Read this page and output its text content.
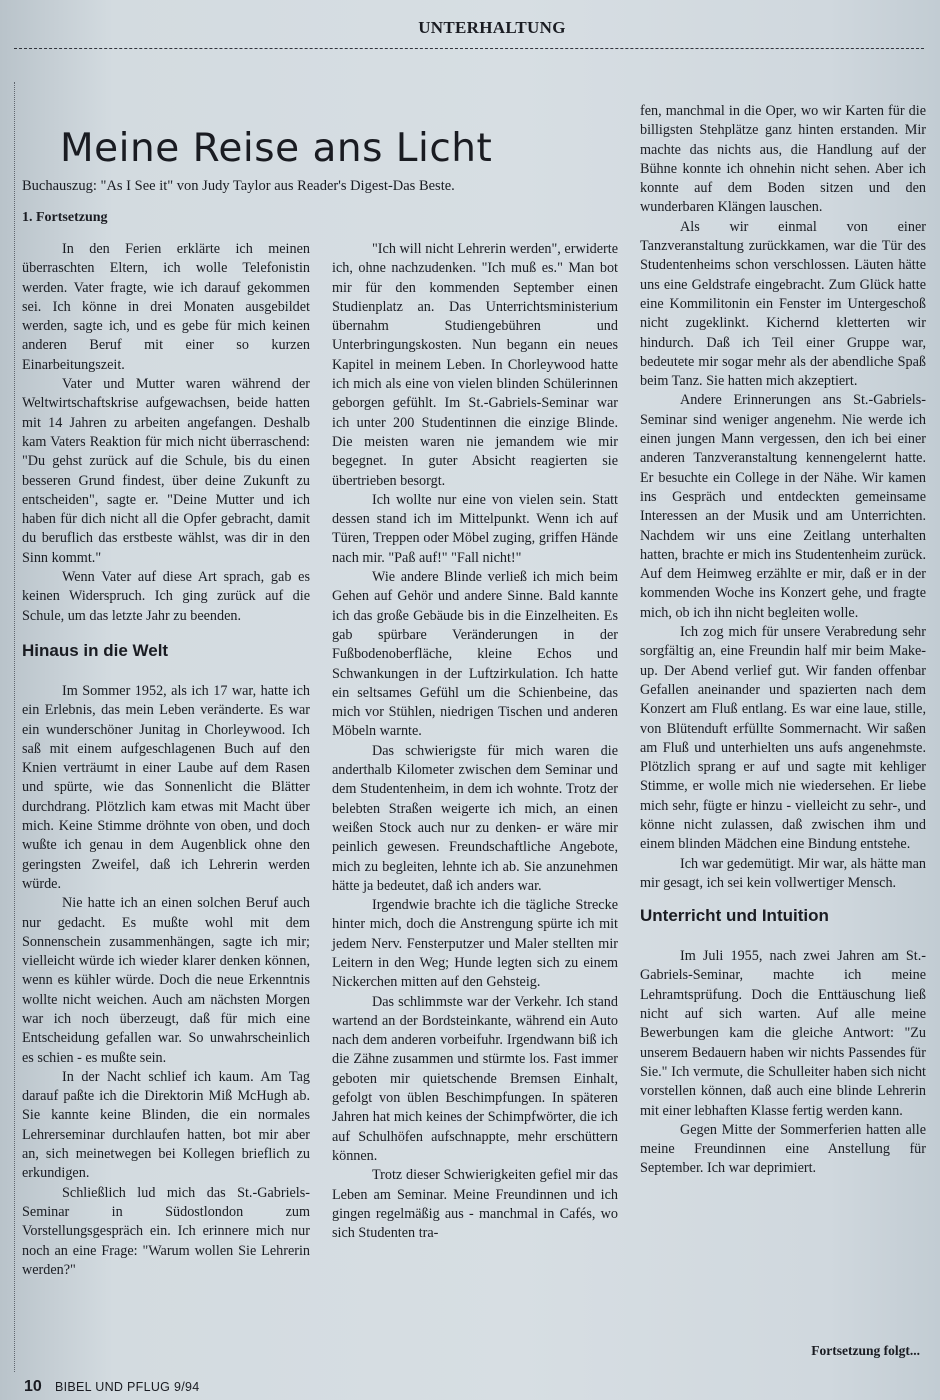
UNTERHALTUNG
Meine Reise ans Licht
Buchauszug: "As I See it" von Judy Taylor aus Reader's Digest-Das Beste.
1. Fortsetzung

In den Ferien erklärte ich meinen überraschten Eltern, ich wolle Telefonistin werden. Vater fragte, wie ich darauf gekommen sei. Ich könne in drei Monaten ausgebildet werden, sagte ich, und es gebe für mich keinen anderen Beruf mit einer so kurzen Einarbeitungszeit.

Vater und Mutter waren während der Weltwirtschaftskrise aufgewachsen, beide hatten mit 14 Jahren zu arbeiten angefangen. Deshalb kam Vaters Reaktion für mich nicht überraschend: "Du gehst zurück auf die Schule, bis du einen besseren Grund findest, über deine Zukunft zu entscheiden", sagte er. "Deine Mutter und ich haben für dich nicht all die Opfer gebracht, damit du beruflich das erstbeste wählst, was dir in den Sinn kommt."

Wenn Vater auf diese Art sprach, gab es keinen Widerspruch. Ich ging zurück auf die Schule, um das letzte Jahr zu beenden.

Hinaus in die Welt

Im Sommer 1952, als ich 17 war, hatte ich ein Erlebnis, das mein Leben veränderte. Es war ein wunderschöner Junitag in Chorleywood. Ich saß mit einem aufgeschlagenen Buch auf den Knien verträumt in einer Laube auf dem Rasen und spürte, wie das Sonnenlicht die Blätter durchdrang. Plötzlich kam etwas mit Macht über mich. Keine Stimme dröhnte von oben, und doch wußte ich genau in dem Augenblick ohne den geringsten Zweifel, daß ich Lehrerin werden würde.

Nie hatte ich an einen solchen Beruf auch nur gedacht. Es mußte wohl mit dem Sonnenschein zusammenhängen, sagte ich mir; vielleicht würde ich wieder klarer denken können, wenn es kühler würde. Doch die neue Erkenntnis wollte nicht weichen. Auch am nächsten Morgen war ich noch überzeugt, daß für mich eine Entscheidung gefallen war. So unwahrscheinlich es schien - es mußte sein.

In der Nacht schlief ich kaum. Am Tag darauf paßte ich die Direktorin Miß McHugh ab. Sie kannte keine Blinden, die ein normales Lehrerseminar durchlaufen hatten, bot mir aber an, sich meinetwegen bei Kollegen brieflich zu erkundigen.

Schließlich lud mich das St.-Gabriels-Seminar in Südostlondon zum Vorstellungsgespräch ein. Ich erinnere mich nur noch an eine Frage: "Warum wollen Sie Lehrerin werden?"

"Ich will nicht Lehrerin werden", erwiderte ich, ohne nachzudenken. "Ich muß es." Man bot mir für den kommenden September einen Studienplatz an. Das Unterrichtsministerium übernahm Studiengebühren und Unterbringungskosten. Nun begann ein neues Kapitel in meinem Leben. In Chorleywood hatte ich mich als eine von vielen blinden Schülerinnen geborgen gefühlt. Im St.-Gabriels-Seminar war ich unter 200 Studentinnen die einzige Blinde. Die meisten waren nie jemandem wie mir begegnet. In guter Absicht reagierten sie übertrieben besorgt.

Ich wollte nur eine von vielen sein. Statt dessen stand ich im Mittelpunkt. Wenn ich auf Türen, Treppen oder Möbel zuging, griffen Hände nach mir. "Paß auf!" "Fall nicht!"

Wie andere Blinde verließ ich mich beim Gehen auf Gehör und andere Sinne. Bald kannte ich das große Gebäude bis in die Einzelheiten. Es gab spürbare Veränderungen in der Fußbodenoberfläche, kleine Echos und Schwankungen in der Luftzirkulation. Ich hatte ein seltsames Gefühl um die Schienbeine, das mich vor Stühlen, niedrigen Tischen und anderen Möbeln warnte.

Das schwierigste für mich waren die anderthalb Kilometer zwischen dem Seminar und dem Studentenheim, in dem ich wohnte. Trotz der belebten Straßen weigerte ich mich, an einen weißen Stock auch nur zu denken- er wäre mir peinlich gewesen. Freundschaftliche Angebote, mich zu begleiten, lehnte ich ab. Sie anzunehmen hätte ja bedeutet, daß ich anders war.

Irgendwie brachte ich die tägliche Strecke hinter mich, doch die Anstrengung spürte ich mit jedem Nerv. Fensterputzer und Maler stellten mir Leitern in den Weg; Hunde legten sich zu einem Nickerchen mitten auf den Gehsteig.

Das schlimmste war der Verkehr. Ich stand wartend an der Bordsteinkante, während ein Auto nach dem anderen vorbeifuhr. Irgendwann biß ich die Zähne zusammen und stürmte los. Fast immer geboten mir quietschende Bremsen Einhalt, gefolgt von üblen Beschimpfungen. In späteren Jahren hat mich keines der Schimpfwörter, die ich auf Schulhöfen aufschnappte, mehr erschüttern können.

Trotz dieser Schwierigkeiten gefiel mir das Leben am Seminar. Meine Freundinnen und ich gingen regelmäßig aus - manchmal in Cafés, wo sich Studenten tra-

fen, manchmal in die Oper, wo wir Karten für die billigsten Stehplätze ganz hinten erstanden. Mir machte das nichts aus, die Handlung auf der Bühne konnte ich ohnehin nicht sehen. Aber ich konnte auf dem Boden sitzen und den wunderbaren Klängen lauschen.

Als wir einmal von einer Tanzveranstaltung zurückkamen, war die Tür des Studentenheims schon verschlossen. Läuten hätte uns eine Geldstrafe eingebracht. Zum Glück hatte eine Kommilitonin ein Fenster im Untergeschoß nicht zugeklinkt. Kichernd kletterten wir hindurch. Daß ich Teil einer Gruppe war, bedeutete mir sogar mehr als der abendliche Spaß beim Tanz. Sie hatten mich akzeptiert.

Andere Erinnerungen ans St.-Gabriels-Seminar sind weniger angenehm. Nie werde ich einen jungen Mann vergessen, den ich bei einer anderen Tanzveranstaltung kennengelernt hatte. Er besuchte ein College in der Nähe. Wir kamen ins Gespräch und entdeckten gemeinsame Interessen an der Musik und am Unterrichten. Nachdem wir uns eine Zeitlang unterhalten hatten, brachte er mich ins Studentenheim zurück. Auf dem Heimweg erzählte er mir, daß er in der kommenden Woche ins Konzert gehe, und fragte mich, ob ich ihn nicht begleiten wolle.

Ich zog mich für unsere Verabredung sehr sorgfältig an, eine Freundin half mir beim Make-up. Der Abend verlief gut. Wir fanden offenbar Gefallen aneinander und spazierten nach dem Konzert am Fluß entlang. Es war eine laue, stille, von Blütenduft erfüllte Sommernacht. Wir saßen am Fluß und unterhielten uns aufs angenehmste. Plötzlich sprang er auf und sagte mit kehliger Stimme, er wolle mich nie wiedersehen. Er liebe mich sehr, fügte er hinzu - vielleicht zu sehr-, und könne nicht zulassen, daß zwischen ihm und einem blinden Mädchen eine Bindung entstehe.

Ich war gedemütigt. Mir war, als hätte man mir gesagt, ich sei kein vollwertiger Mensch.

Unterricht und Intuition

Im Juli 1955, nach zwei Jahren am St.-Gabriels-Seminar, machte ich meine Lehramtsprüfung. Doch die Enttäuschung ließ nicht auf sich warten. Auf alle meine Bewerbungen kam die gleiche Antwort: "Zu unserem Bedauern haben wir nichts Passendes für Sie." Ich vermute, die Schulleiter haben sich nicht vorstellen können, daß auch eine blinde Lehrerin mit einer lebhaften Klasse fertig werden kann.

Gegen Mitte der Sommerferien hatten alle meine Freundinnen eine Anstellung für September. Ich war deprimiert.

Fortsetzung folgt...
10 BIBEL UND PFLUG 9/94
